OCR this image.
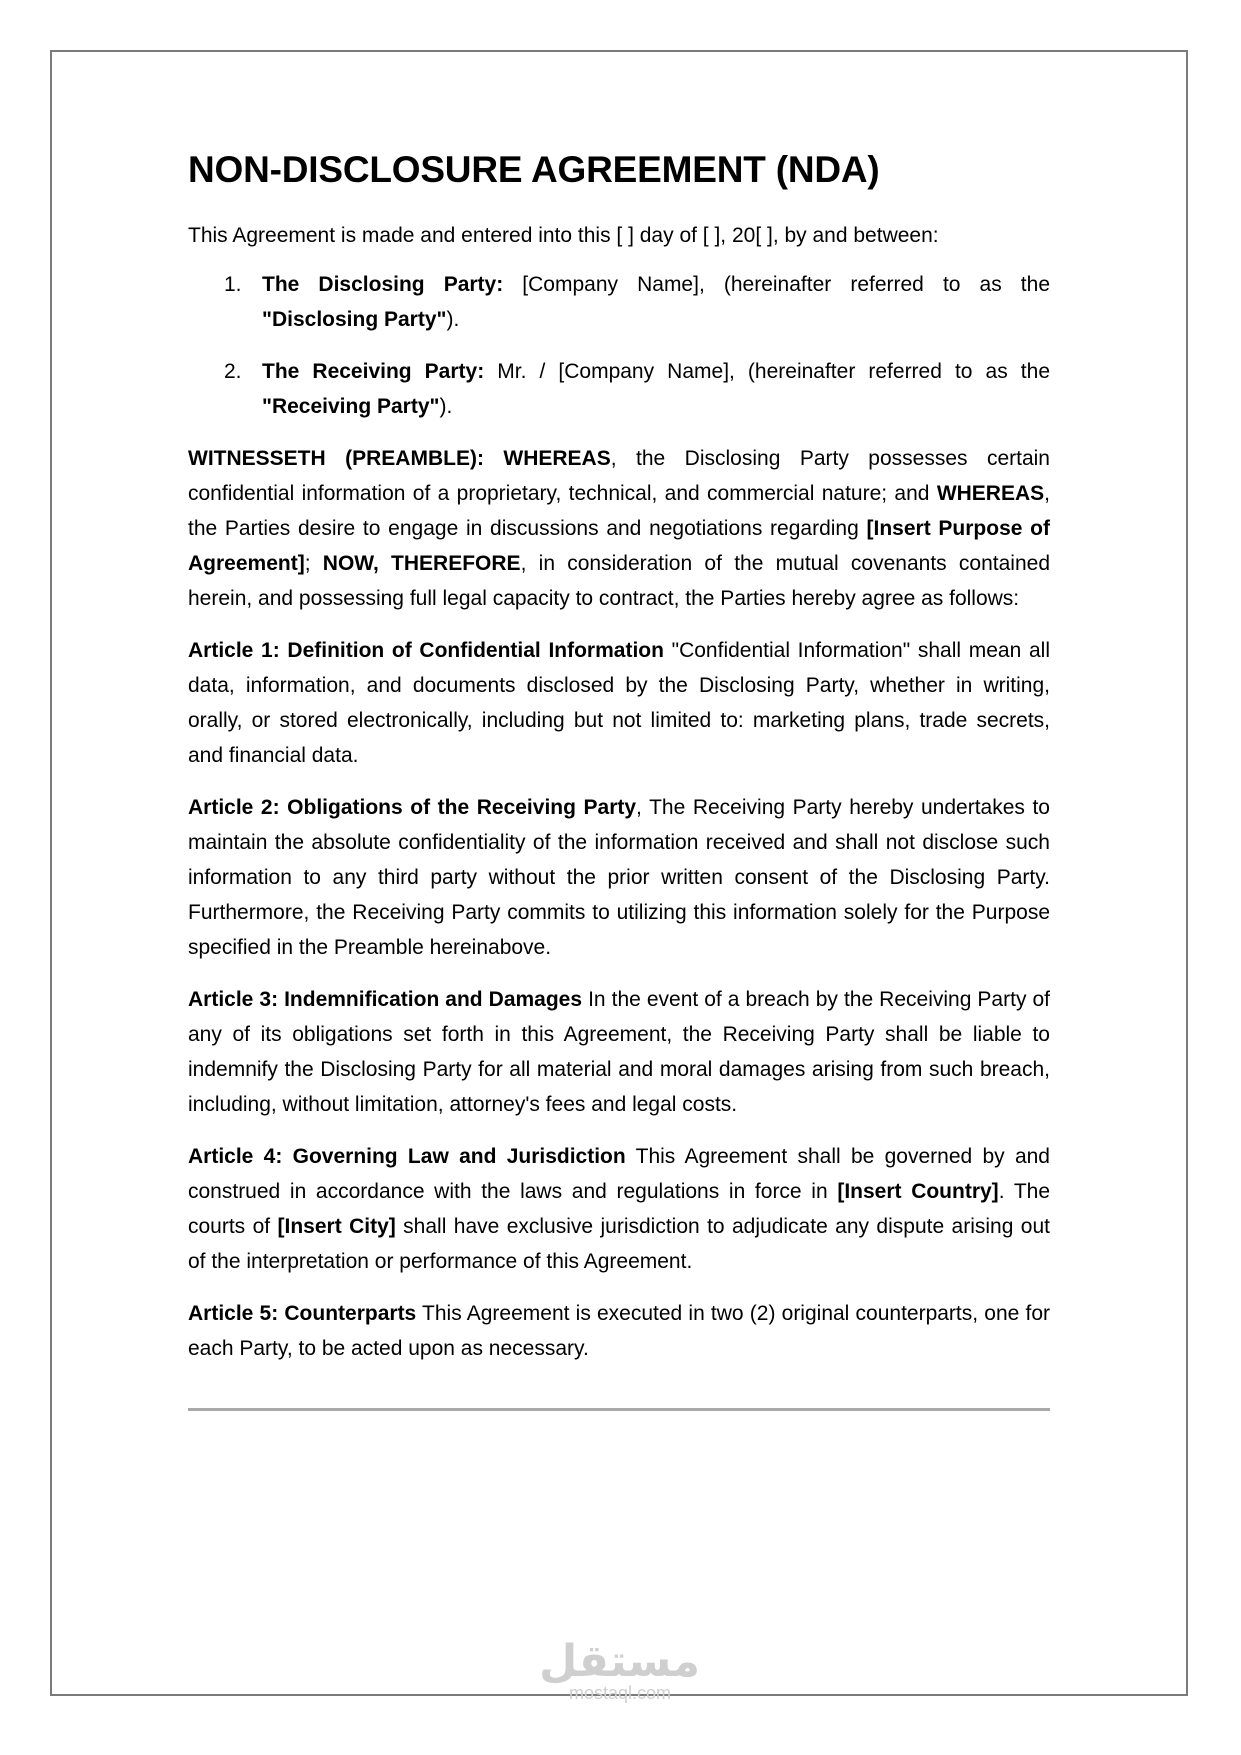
NON-DISCLOSURE AGREEMENT (NDA)

This Agreement is made and entered into this [ ] day of [ ], 20[ ], by and between:

1. The Disclosing Party: [Company Name], (hereinafter referred to as the "Disclosing Party").
2. The Receiving Party: Mr. / [Company Name], (hereinafter referred to as the "Receiving Party").

WITNESSETH (PREAMBLE): WHEREAS, the Disclosing Party possesses certain confidential information of a proprietary, technical, and commercial nature; and WHEREAS, the Parties desire to engage in discussions and negotiations regarding [Insert Purpose of Agreement]; NOW, THEREFORE, in consideration of the mutual covenants contained herein, and possessing full legal capacity to contract, the Parties hereby agree as follows:

Article 1: Definition of Confidential Information "Confidential Information" shall mean all data, information, and documents disclosed by the Disclosing Party, whether in writing, orally, or stored electronically, including but not limited to: marketing plans, trade secrets, and financial data.

Article 2: Obligations of the Receiving Party, The Receiving Party hereby undertakes to maintain the absolute confidentiality of the information received and shall not disclose such information to any third party without the prior written consent of the Disclosing Party. Furthermore, the Receiving Party commits to utilizing this information solely for the Purpose specified in the Preamble hereinabove.

Article 3: Indemnification and Damages In the event of a breach by the Receiving Party of any of its obligations set forth in this Agreement, the Receiving Party shall be liable to indemnify the Disclosing Party for all material and moral damages arising from such breach, including, without limitation, attorney's fees and legal costs.

Article 4: Governing Law and Jurisdiction This Agreement shall be governed by and construed in accordance with the laws and regulations in force in [Insert Country]. The courts of [Insert City] shall have exclusive jurisdiction to adjudicate any dispute arising out of the interpretation or performance of this Agreement.

Article 5: Counterparts This Agreement is executed in two (2) original counterparts, one for each Party, to be acted upon as necessary.

مستقل
mostaql.com
